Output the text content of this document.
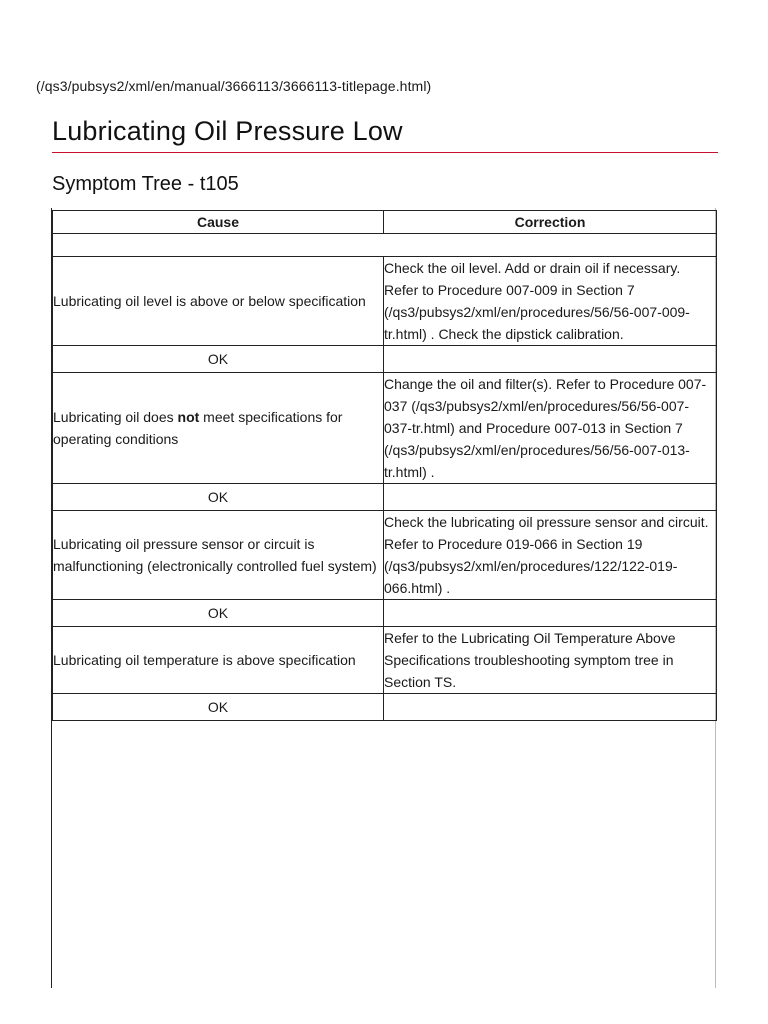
(/qs3/pubsys2/xml/en/manual/3666113/3666113-titlepage.html)
Lubricating Oil Pressure Low
Symptom Tree - t105
Cause	Correction

Lubricating oil level is above or below specification	Check the oil level. Add or drain oil if necessary. Refer to Procedure 007-009 in Section 7 (/qs3/pubsys2/xml/en/procedures/56/56-007-009-tr.html) . Check the dipstick calibration.
OK	
Lubricating oil does not meet specifications for operating conditions	Change the oil and filter(s). Refer to Procedure 007-037 (/qs3/pubsys2/xml/en/procedures/56/56-007-037-tr.html) and Procedure 007-013 in Section 7 (/qs3/pubsys2/xml/en/procedures/56/56-007-013-tr.html) .
OK	
Lubricating oil pressure sensor or circuit is malfunctioning (electronically controlled fuel system)	Check the lubricating oil pressure sensor and circuit. Refer to Procedure 019-066 in Section 19 (/qs3/pubsys2/xml/en/procedures/122/122-019-066.html) .
OK	
Lubricating oil temperature is above specification	Refer to the Lubricating Oil Temperature Above Specifications troubleshooting symptom tree in Section TS.
OK	
